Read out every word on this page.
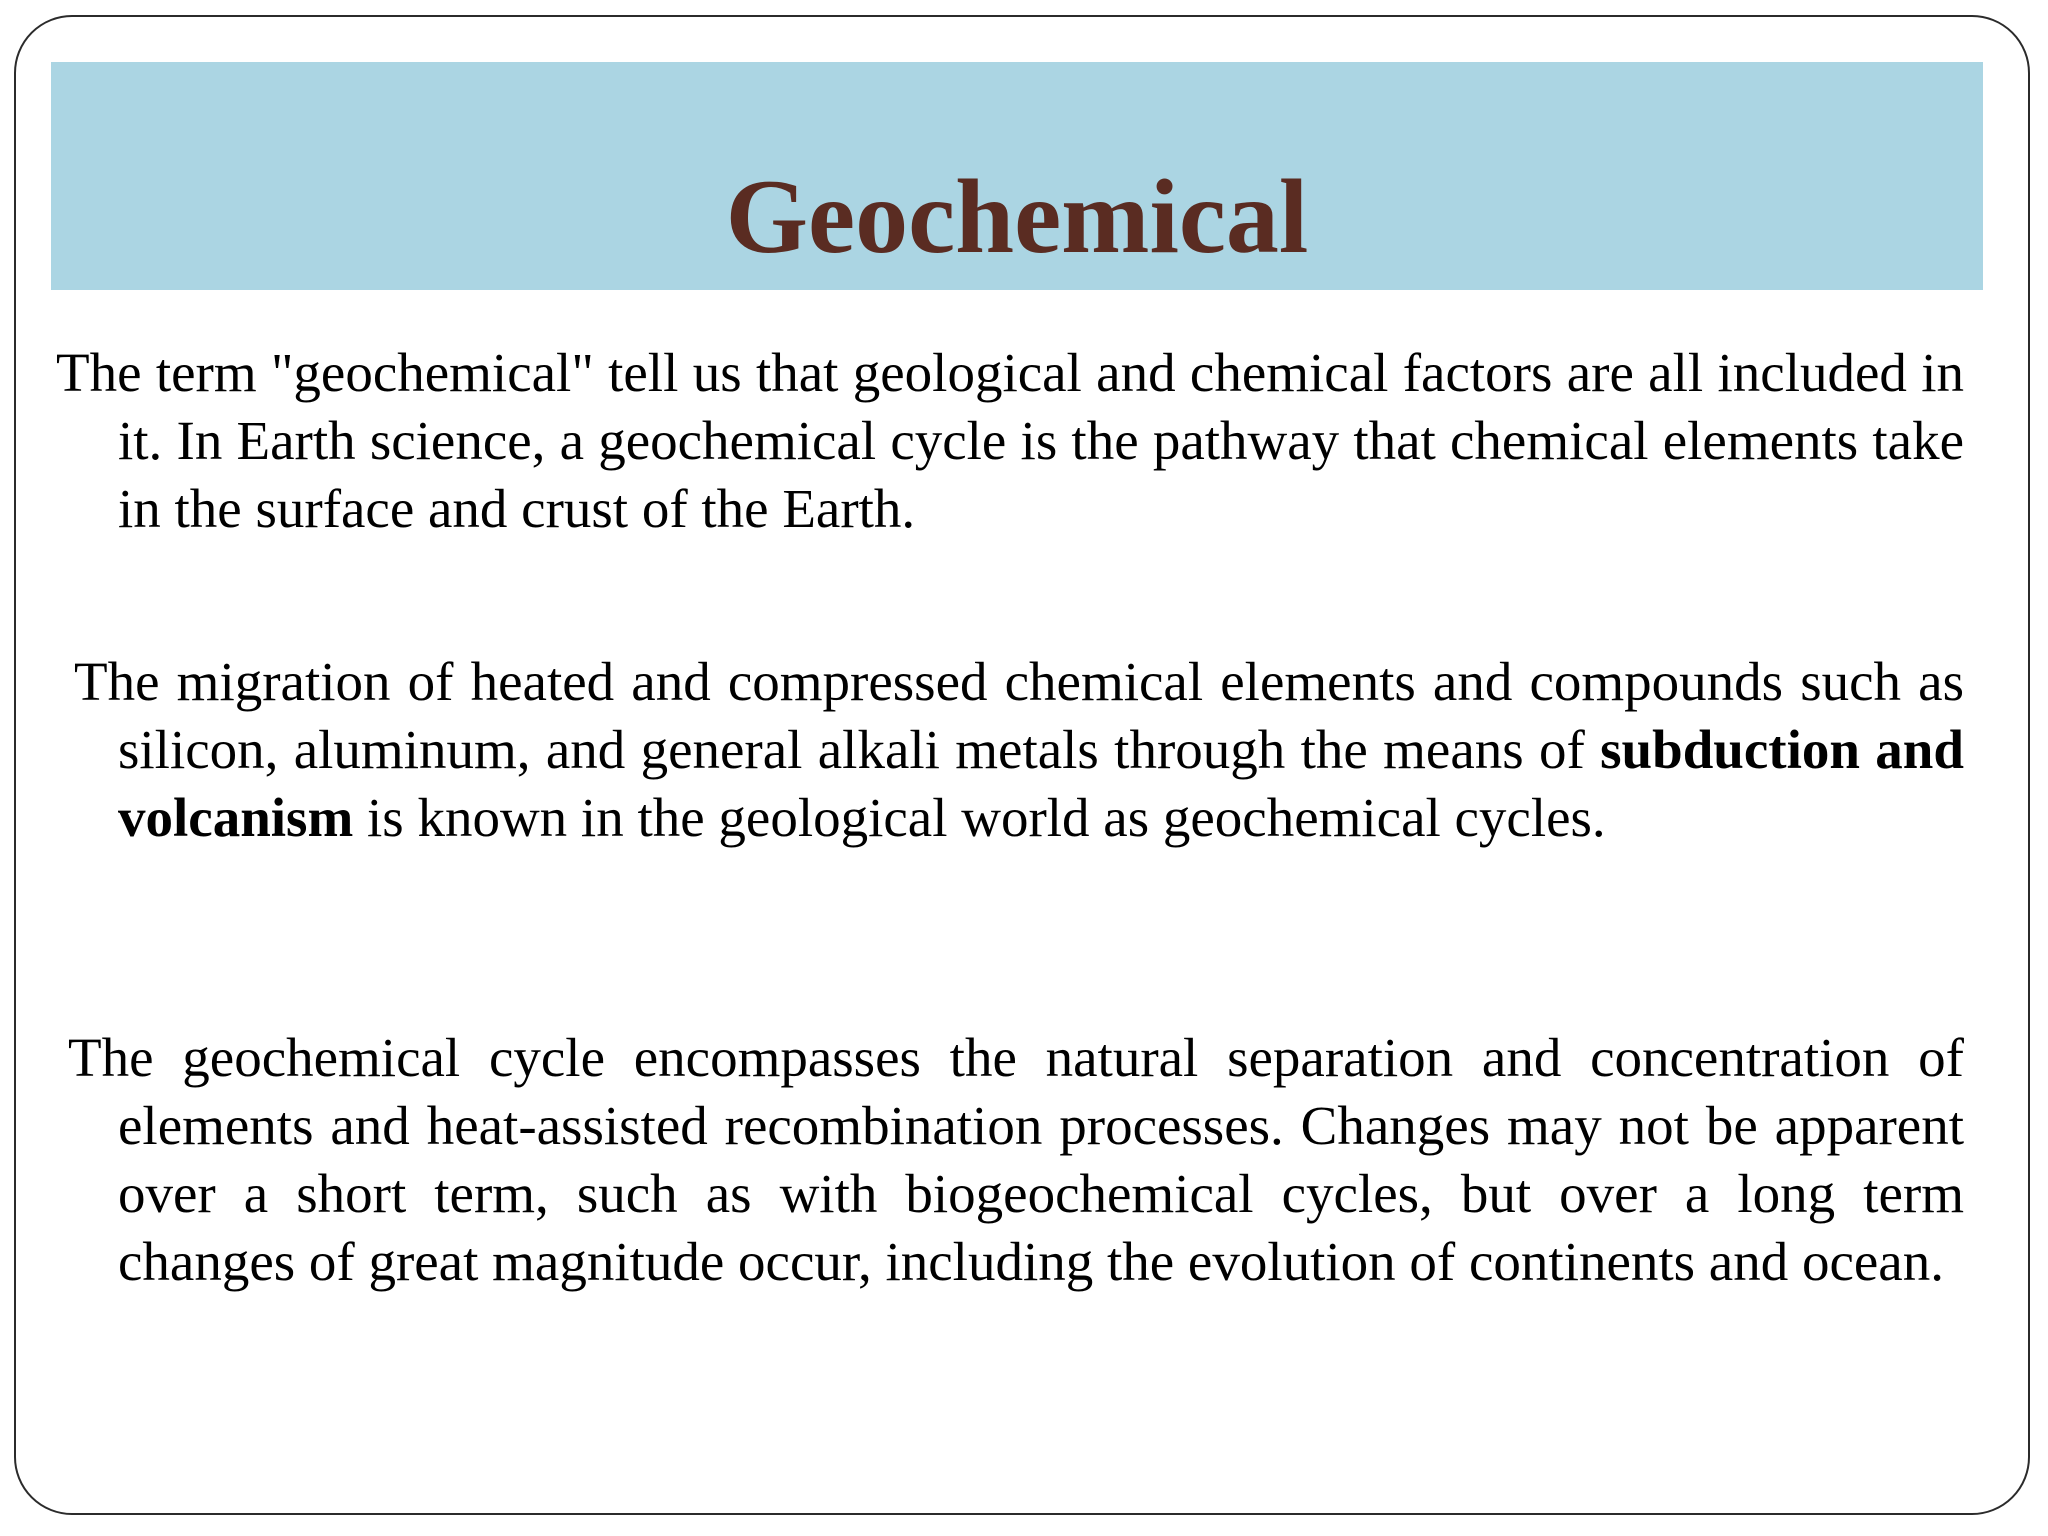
Geochemical

The term "geochemical" tell us that geological and chemical factors are all included in it. In Earth science, a geochemical cycle is the pathway that chemical elements take in the surface and crust of the Earth.

The migration of heated and compressed chemical elements and compounds such as silicon, aluminum, and general alkali metals through the means of subduction and volcanism is known in the geological world as geochemical cycles.

The geochemical cycle encompasses the natural separation and concentration of elements and heat-assisted recombination processes. Changes may not be apparent over a short term, such as with biogeochemical cycles, but over a long term changes of great magnitude occur, including the evolution of continents and ocean.
